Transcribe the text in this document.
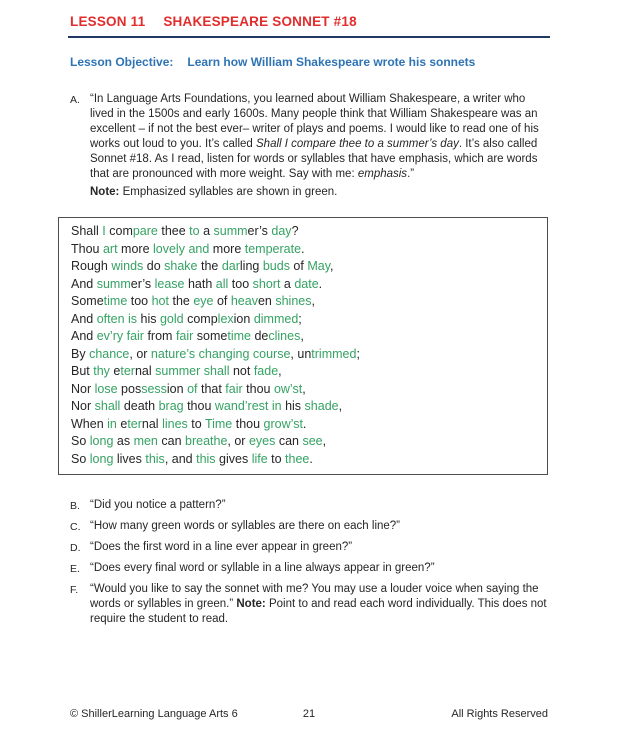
LESSON 11 SHAKESPEARE SONNET #18
Lesson Objective: Learn how William Shakespeare wrote his sonnets
A. “In Language Arts Foundations, you learned about William Shakespeare, a writer who lived in the 1500s and early 1600s. Many people think that William Shakespeare was an excellent – if not the best ever– writer of plays and poems. I would like to read one of his works out loud to you. It’s called Shall I compare thee to a summer’s day. It’s also called Sonnet #18. As I read, listen for words or syllables that have emphasis, which are words that are pronounced with more weight. Say with me: emphasis.”
Note: Emphasized syllables are shown in green.
Shall I compare thee to a summer’s day?
Thou art more lovely and more temperate.
Rough winds do shake the darling buds of May,
And summer’s lease hath all too short a date.
Sometime too hot the eye of heaven shines,
And often is his gold complexion dimmed;
And ev’ry fair from fair sometime declines,
By chance, or nature’s changing course, untrimmed;
But thy eternal summer shall not fade,
Nor lose possession of that fair thou ow’st,
Nor shall death brag thou wand’rest in his shade,
When in eternal lines to Time thou grow’st.
So long as men can breathe, or eyes can see,
So long lives this, and this gives life to thee.
B. “Did you notice a pattern?”
C. “How many green words or syllables are there on each line?”
D. “Does the first word in a line ever appear in green?”
E. “Does every final word or syllable in a line always appear in green?”
F.	“Would you like to say the sonnet with me? You may use a louder voice when saying the words or syllables in green.” Note: Point to and read each word individually. This does not require the student to read.
© ShillerLearning Language Arts 6	21	All Rights Reserved
